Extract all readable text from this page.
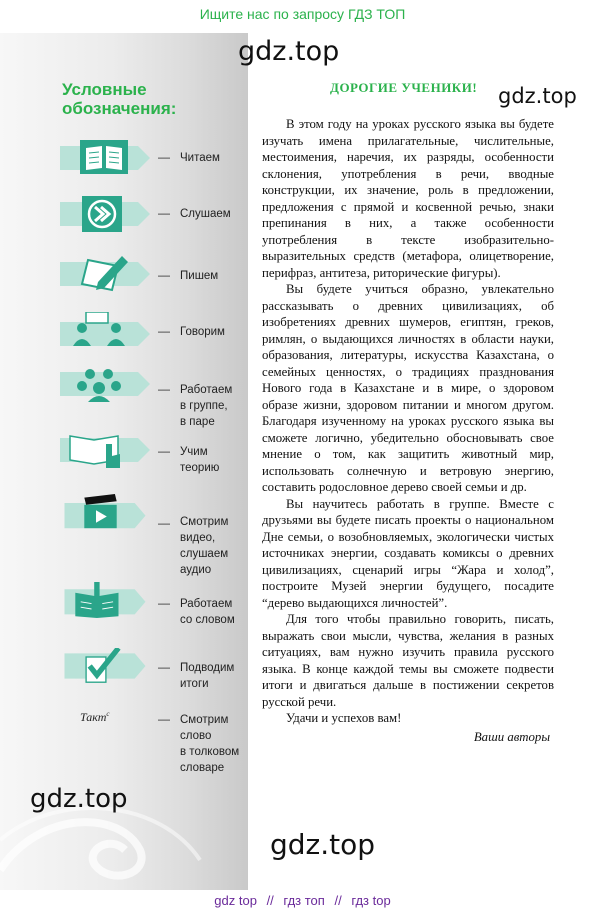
Ищите нас по запросу ГДЗ ТОП
Условные
обозначения:
— Читаем
— Слушаем
— Пишем
— Говорим
— Работаем
в группе,
в паре
— Учим
теорию
— Смотрим
видео,
слушаем
аудио
— Работаем
со словом
— Подводим
итоги
Такт$^с$	— Смотрим
слово
в толковом
словаре
gdz.top
gdz.top
gdz.top
gdz.top
ДОРОГИЕ УЧЕНИКИ!

В этом году на уроках русского языка вы будете изучать имена прилагательные, числительные, местоимения, наречия, их разряды, особенности склонения, употребления в речи, вводные конструкции, их значение, роль в предложении, предложения с прямой и косвенной речью, знаки препинания в них, а также особенности употребления в тексте изобразительно-выразительных средств (метафора, олицетворение, перифраз, антитеза, риторические фигуры).

Вы будете учиться образно, увлекательно рассказывать о древних цивилизациях, об изобретениях древних шумеров, египтян, греков, римлян, о выдающихся личностях в области науки, образования, литературы, искусства Казахстана, о семейных ценностях, о традициях празднования Нового года в Казахстане и в мире, о здоровом образе жизни, здоровом питании и многом другом. Благодаря изученному на уроках русского языка вы сможете логично, убедительно обосновывать свое мнение о том, как защитить животный мир, использовать солнечную и ветровую энергию, составить родословное дерево своей семьи и др.

Вы научитесь работать в группе. Вместе с друзьями вы будете писать проекты о национальном Дне семьи, о возобновляемых, экологически чистых источниках энергии, создавать комиксы о древних цивилизациях, сценарий игры “Жара и холод”, построите Музей энергии будущего, посадите “дерево выдающихся личностей”.

Для того чтобы правильно говорить, писать, выражать свои мысли, чувства, желания в разных ситуациях, вам нужно изучить правила русского языка. В конце каждой темы вы сможете подвести итоги и двигаться дальше в постижении секретов русской речи.

Удачи и успехов вам!

Ваши авторы
gdz top // гдз топ // гдз top
